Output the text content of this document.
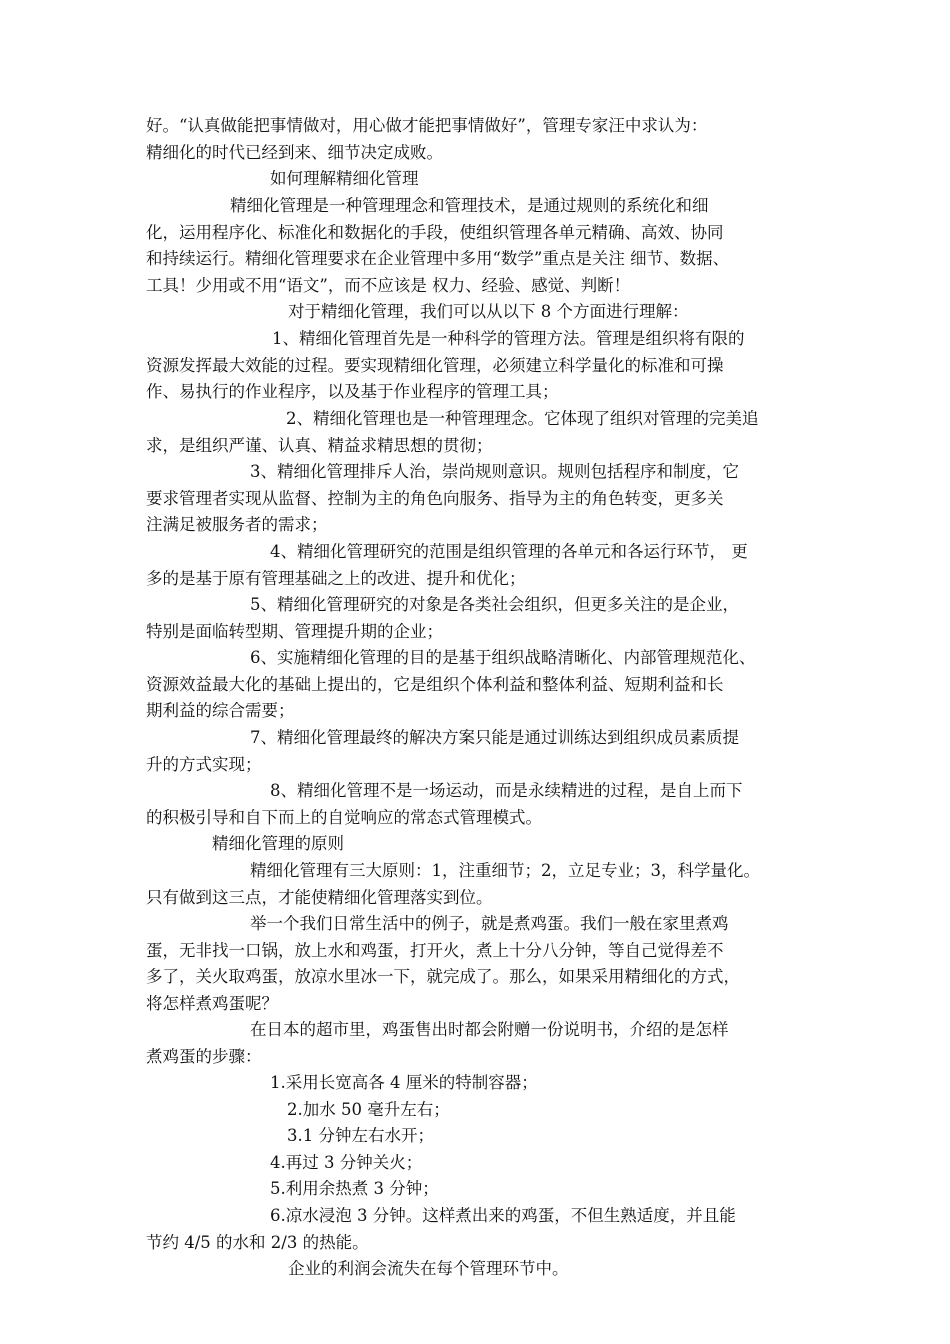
好。“认真做能把事情做对，用心做才能把事情做好”，管理专家汪中求认为：
精细化的时代已经到来、细节决定成败。
如何理解精细化管理
精细化管理是一种管理理念和管理技术，是通过规则的系统化和细
化，运用程序化、标准化和数据化的手段，使组织管理各单元精确、高效、协同
和持续运行。精细化管理要求在企业管理中多用“数学”重点是关注 细节、数据、
工具！少用或不用“语文”，而不应该是 权力、经验、感觉、判断！
对于精细化管理，我们可以从以下 8 个方面进行理解：
1、精细化管理首先是一种科学的管理方法。管理是组织将有限的
资源发挥最大效能的过程。要实现精细化管理，必须建立科学量化的标准和可操
作、易执行的作业程序，以及基于作业程序的管理工具；
2、精细化管理也是一种管理理念。它体现了组织对管理的完美追
求，是组织严谨、认真、精益求精思想的贯彻；
3、精细化管理排斥人治，崇尚规则意识。规则包括程序和制度，它
要求管理者实现从监督、控制为主的角色向服务、指导为主的角色转变，更多关
注满足被服务者的需求；
4、精细化管理研究的范围是组织管理的各单元和各运行环节， 更
多的是基于原有管理基础之上的改进、提升和优化；
5、精细化管理研究的对象是各类社会组织，但更多关注的是企业，
特别是面临转型期、管理提升期的企业；
6、实施精细化管理的目的是基于组织战略清晰化、内部管理规范化、
资源效益最大化的基础上提出的，它是组织个体利益和整体利益、短期利益和长
期利益的综合需要；
7、精细化管理最终的解决方案只能是通过训练达到组织成员素质提
升的方式实现；
8、精细化管理不是一场运动，而是永续精进的过程，是自上而下
的积极引导和自下而上的自觉响应的常态式管理模式。
精细化管理的原则
精细化管理有三大原则：1，注重细节；2，立足专业；3，科学量化。
只有做到这三点，才能使精细化管理落实到位。
举一个我们日常生活中的例子，就是煮鸡蛋。我们一般在家里煮鸡
蛋，无非找一口锅，放上水和鸡蛋，打开火，煮上十分八分钟，等自己觉得差不
多了，关火取鸡蛋，放凉水里冰一下，就完成了。那么，如果采用精细化的方式，
将怎样煮鸡蛋呢？
在日本的超市里，鸡蛋售出时都会附赠一份说明书，介绍的是怎样
煮鸡蛋的步骤：
1.采用长宽高各 4 厘米的特制容器；
2.加水 50 毫升左右；
3.1 分钟左右水开；
4.再过 3 分钟关火；
5.利用余热煮 3 分钟；
6.凉水浸泡 3 分钟。这样煮出来的鸡蛋，不但生熟适度，并且能
节约 4/5 的水和 2/3 的热能。
企业的利润会流失在每个管理环节中。
